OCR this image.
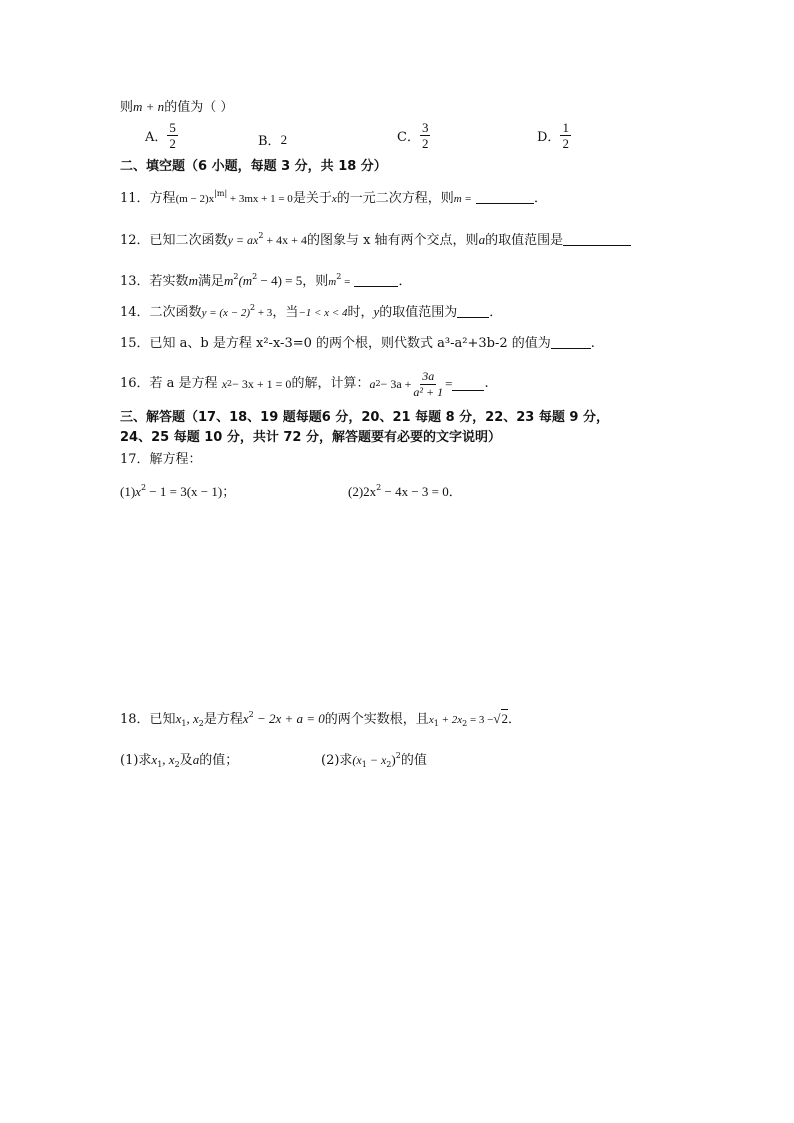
则m + n的值为（ ）
A． $\frac{5}{2}$	B． 2	C． $\frac{3}{2}$	D． $\frac{1}{2}$
二、填空题（6 小题，每题 3 分，共 18 分）
11．方程$(m - 2)x^{|m|} + 3mx + 1 = 0$是关于x的一元二次方程，则m =	．
12．已知二次函数$y = ax^2 + 4x + 4$的图象与 x 轴有两个交点，则a的取值范围是
13．若实数m满足$m^2(m^2 - 4) = 5$，则$m^2$ =	．
14．二次函数$y = (x - 2)^2 + 3$，当−1 < x < 4时，y的取值范围为 ．
15．已知 a、b 是方程 x²-x-3=0 的两个根，则代数式 a³-a²+3b-2 的值为	.
16． 若 a 是方程
x 2 − 3x + 1 = 0 的解，计算： a $2 - 3a + \frac{3a}{\text{a² + 1}}$ = .
三、解答题（17、18、19 题每题6 分，20、21 每题 8 分，22、23 每题 9 分，
24、25 每题 10 分，共计 72 分，解答题要有必要的文字说明）
17．解方程：
$(1)x^2 - 1 = 3(x - 1)$；	$(2)2x^2 - 4x - 3 = 0$．
18．已知$x_1$, $x_2$是方程$x^2 - 2x + a = 0$的两个实数根，且$x_1 + 2x_2 = 3 -√2$．
(1)求$x_1$, $x_2$及a的值；	(2)求$(x_1 - x_2)^2$的值
